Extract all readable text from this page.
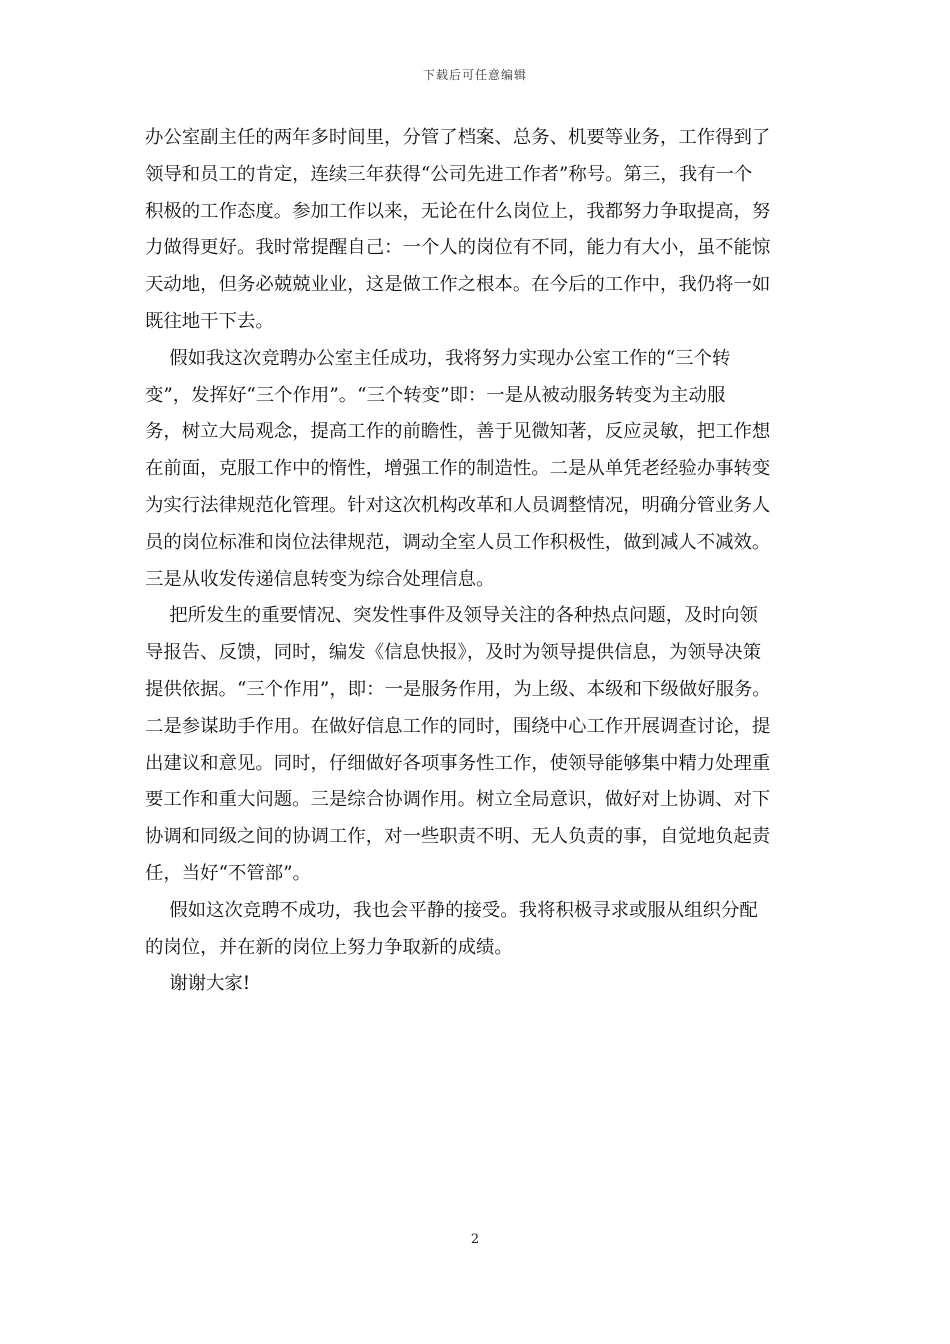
下载后可任意编辑

办公室副主任的两年多时间里，分管了档案、总务、机要等业务，工作得到了
领导和员工的肯定，连续三年获得“公司先进工作者”称号。第三，我有一个
积极的工作态度。参加工作以来，无论在什么岗位上，我都努力争取提高，努
力做得更好。我时常提醒自己：一个人的岗位有不同，能力有大小，虽不能惊
天动地，但务必兢兢业业，这是做工作之根本。在今后的工作中，我仍将一如
既往地干下去。

　 假如我这次竞聘办公室主任成功，我将努力实现办公室工作的“三个转
变”，发挥好“三个作用”。“三个转变”即：一是从被动服务转变为主动服
务，树立大局观念，提高工作的前瞻性，善于见微知著，反应灵敏，把工作想
在前面，克服工作中的惰性，增强工作的制造性。二是从单凭老经验办事转变
为实行法律规范化管理。针对这次机构改革和人员调整情况，明确分管业务人
员的岗位标准和岗位法律规范，调动全室人员工作积极性，做到减人不减效。
三是从收发传递信息转变为综合处理信息。

　 把所发生的重要情况、突发性事件及领导关注的各种热点问题，及时向领
导报告、反馈，同时，编发《信息快报》，及时为领导提供信息，为领导决策
提供依据。“三个作用”，即：一是服务作用，为上级、本级和下级做好服务。
二是参谋助手作用。在做好信息工作的同时，围绕中心工作开展调查讨论，提
出建议和意见。同时，仔细做好各项事务性工作，使领导能够集中精力处理重
要工作和重大问题。三是综合协调作用。树立全局意识，做好对上协调、对下
协调和同级之间的协调工作，对一些职责不明、无人负责的事，自觉地负起责
任，当好“不管部”。

　 假如这次竞聘不成功，我也会平静的接受。我将积极寻求或服从组织分配
的岗位，并在新的岗位上努力争取新的成绩。

　 谢谢大家!

2
